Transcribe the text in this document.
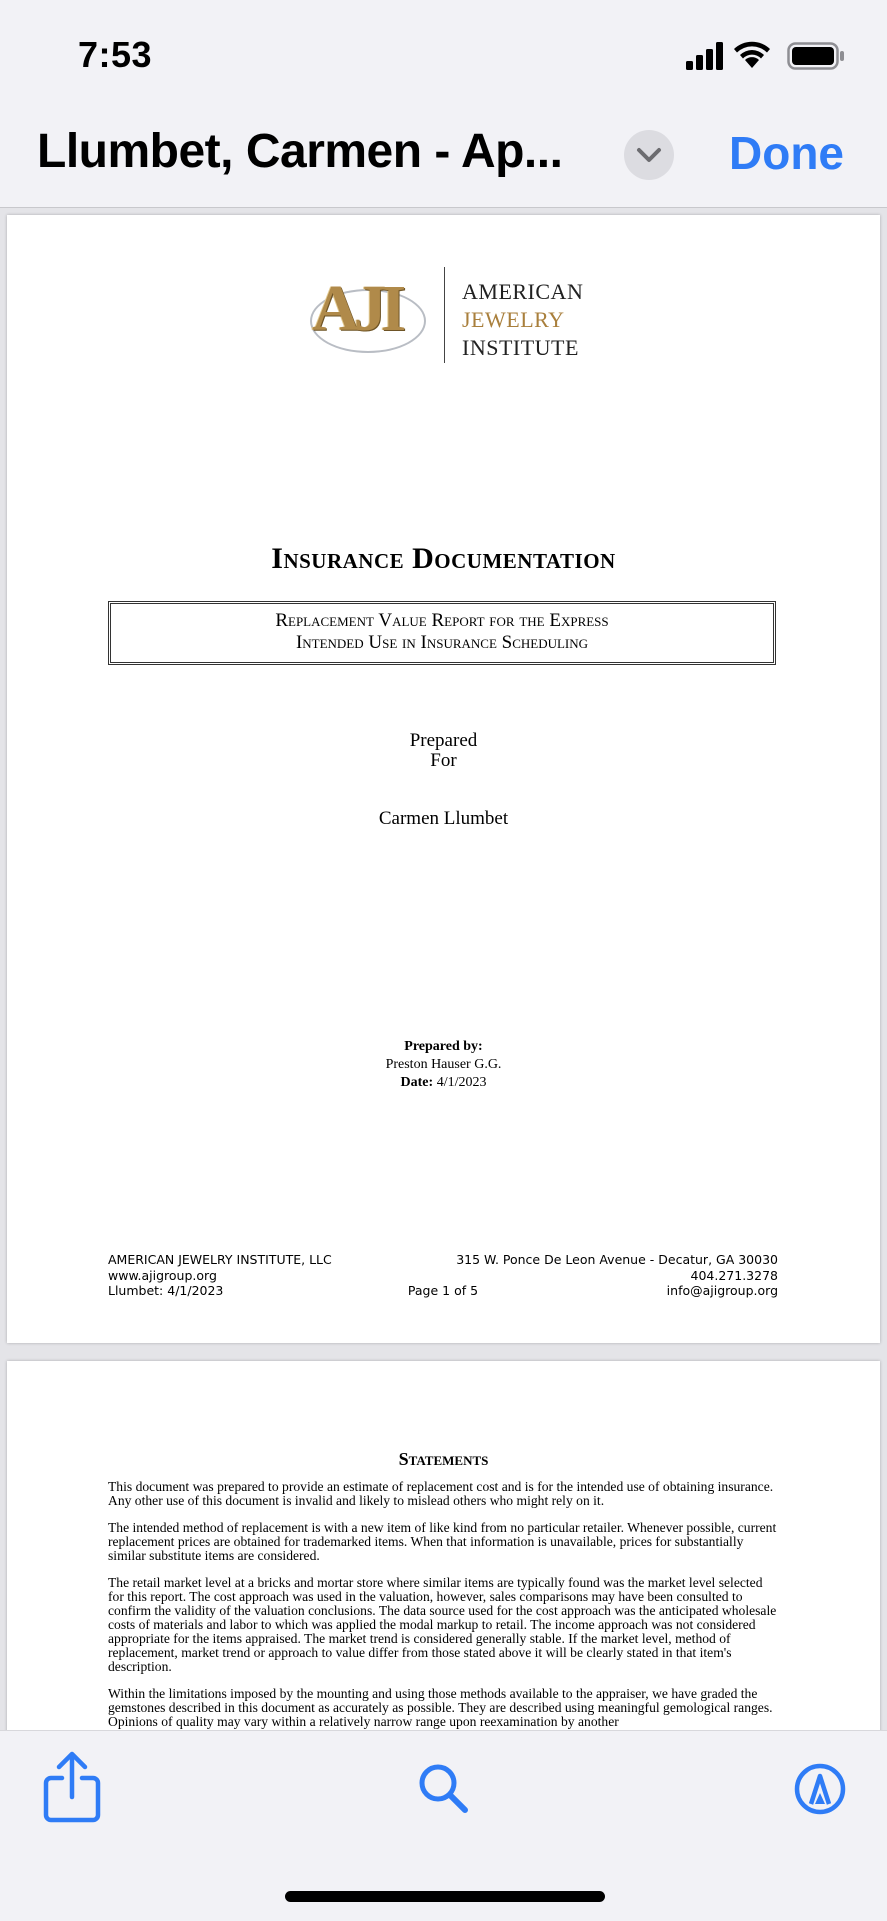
7:53
Llumbet, Carmen - Ap...	Done
AJI	AMERICAN
JEWELRY
INSTITUTE
Insurance Documentation
Replacement Value Report for the Express
Intended Use in Insurance Scheduling
Prepared
For
Carmen Llumbet
Prepared by:
Preston Hauser G.G.
Date: 4/1/2023
AMERICAN JEWELRY INSTITUTE, LLC
www.ajigroup.org
Llumbet: 4/1/2023
315 W. Ponce De Leon Avenue - Decatur, GA 30030
404.271.3278
info@ajigroup.org
Page 1 of 5
Statements

This document was prepared to provide an estimate of replacement cost and is for the intended use of obtaining insurance. Any other use of this document is invalid and likely to mislead others who might rely on it.

The intended method of replacement is with a new item of like kind from no particular retailer. Whenever possible, current replacement prices are obtained for trademarked items. When that information is unavailable, prices for substantially similar substitute items are considered.

The retail market level at a bricks and mortar store where similar items are typically found was the market level selected for this report. The cost approach was used in the valuation, however, sales comparisons may have been consulted to confirm the validity of the valuation conclusions. The data source used for the cost approach was the anticipated wholesale costs of materials and labor to which was applied the modal markup to retail. The income approach was not considered appropriate for the items appraised. The market trend is considered generally stable. If the market level, method of replacement, market trend or approach to value differ from those stated above it will be clearly stated in that item's description.

Within the limitations imposed by the mounting and using those methods available to the appraiser, we have graded the gemstones described in this document as accurately as possible. They are described using meaningful gemological ranges. Opinions of quality may vary within a relatively narrow range upon reexamination by another
